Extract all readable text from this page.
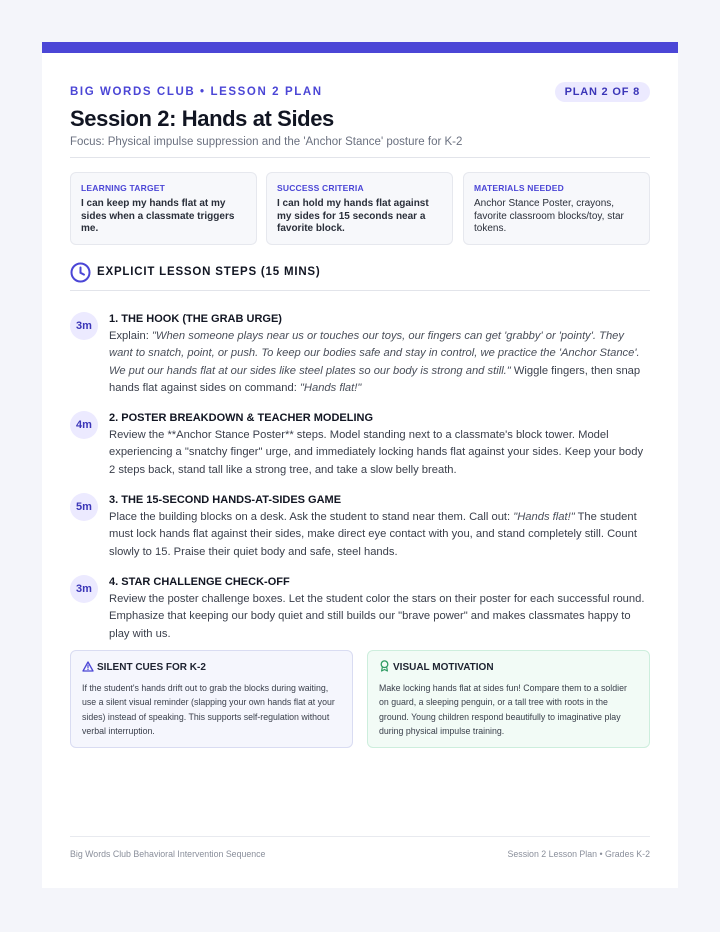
BIG WORDS CLUB • LESSON 2 PLAN	PLAN 2 OF 8
Session 2: Hands at Sides
Focus: Physical impulse suppression and the 'Anchor Stance' posture for K-2
LEARNING TARGET
I can keep my hands flat at my sides when a classmate triggers me.
SUCCESS CRITERIA
I can hold my hands flat against my sides for 15 seconds near a favorite block.
MATERIALS NEEDED
Anchor Stance Poster, crayons, favorite classroom blocks/toy, star tokens.
EXPLICIT LESSON STEPS (15 MINS)
3m
1. THE HOOK (THE GRAB URGE)
Explain: "When someone plays near us or touches our toys, our fingers can get 'grabby' or 'pointy'. They want to snatch, point, or push. To keep our bodies safe and stay in control, we practice the 'Anchor Stance'. We put our hands flat at our sides like steel plates so our body is strong and still." Wiggle fingers, then snap hands flat against sides on command: "Hands flat!"
4m
2. POSTER BREAKDOWN & TEACHER MODELING
Review the **Anchor Stance Poster** steps. Model standing next to a classmate's block tower. Model experiencing a "snatchy finger" urge, and immediately locking hands flat against your sides. Keep your body 2 steps back, stand tall like a strong tree, and take a slow belly breath.
5m
3. THE 15-SECOND HANDS-AT-SIDES GAME
Place the building blocks on a desk. Ask the student to stand near them. Call out: "Hands flat!" The student must lock hands flat against their sides, make direct eye contact with you, and stand completely still. Count slowly to 15. Praise their quiet body and safe, steel hands.
3m
4. STAR CHALLENGE CHECK-OFF
Review the poster challenge boxes. Let the student color the stars on their poster for each successful round. Emphasize that keeping our body quiet and still builds our "brave power" and makes classmates happy to play with us.
SILENT CUES FOR K-2
If the student's hands drift out to grab the blocks during waiting, use a silent visual reminder (slapping your own hands flat at your sides) instead of speaking. This supports self-regulation without verbal interruption.
VISUAL MOTIVATION
Make locking hands flat at sides fun! Compare them to a soldier on guard, a sleeping penguin, or a tall tree with roots in the ground. Young children respond beautifully to imaginative play during physical impulse training.
Big Words Club Behavioral Intervention Sequence	Session 2 Lesson Plan • Grades K-2
